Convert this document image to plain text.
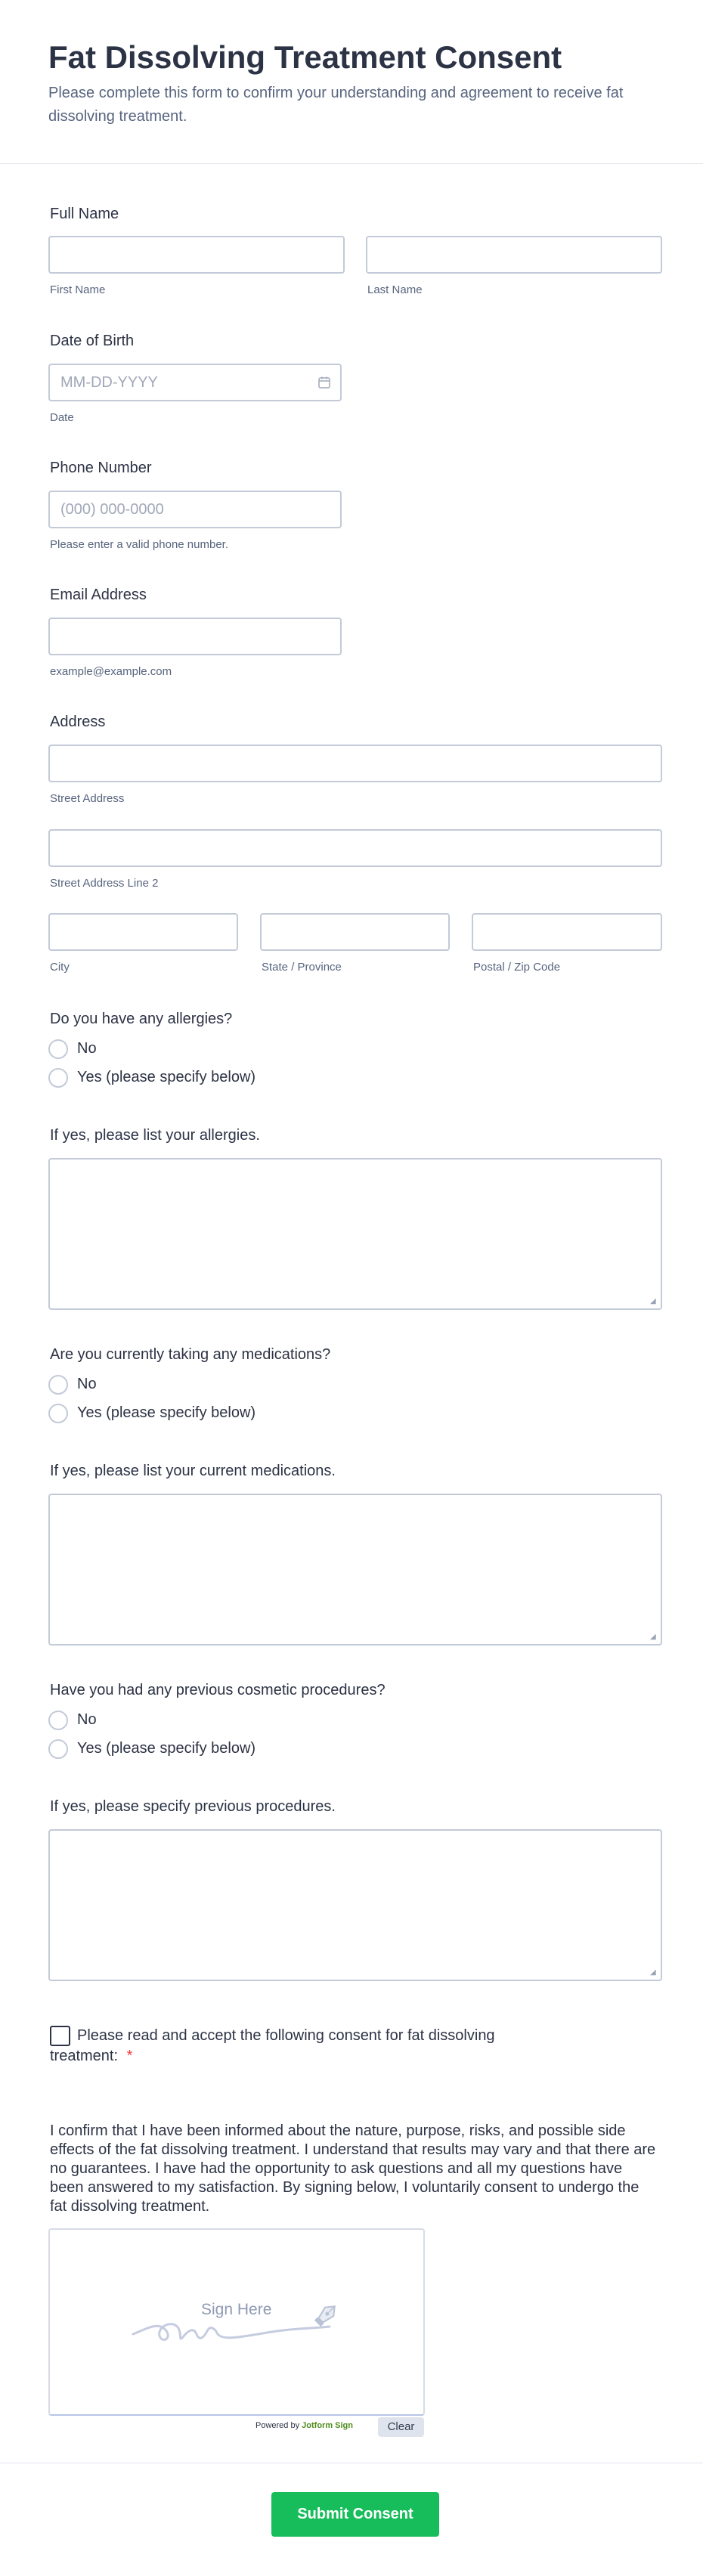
Fat Dissolving Treatment Consent
Please complete this form to confirm your understanding and agreement to receive fat dissolving treatment.
Full Name
First Name	Last Name
Date of Birth
MM-DD-YYYY
Date
Phone Number
(000) 000-0000
Please enter a valid phone number.
Email Address
example@example.com
Address
Street Address
Street Address Line 2
City	State / Province	Postal / Zip Code
Do you have any allergies?
No
Yes (please specify below)
If yes, please list your allergies.
◢
Are you currently taking any medications?
No
Yes (please specify below)
If yes, please list your current medications.
◢
Have you had any previous cosmetic procedures?
No
Yes (please specify below)
If yes, please specify previous procedures.
◢
Please read and accept the following consent for fat dissolving
treatment: *
I confirm that I have been informed about the nature, purpose, risks, and possible side effects of the fat dissolving treatment. I understand that results may vary and that there are no guarantees. I have had the opportunity to ask questions and all my questions have been answered to my satisfaction. By signing below, I voluntarily consent to undergo the fat dissolving treatment.
Sign Here
Powered by Jotform Sign	Clear
Submit Consent
